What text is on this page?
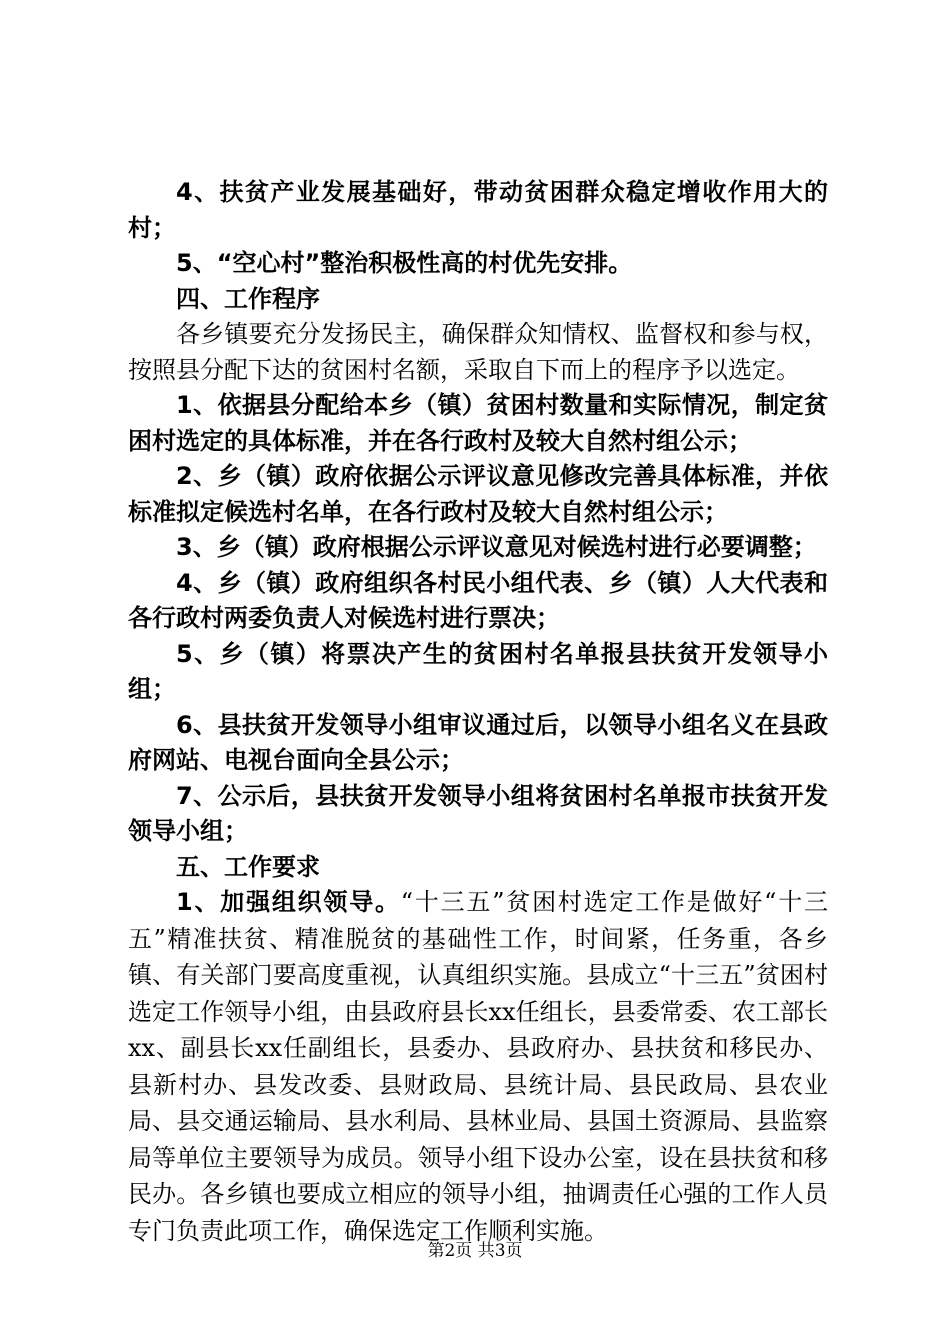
4、扶贫产业发展基础好，带动贫困群众稳定增收作用大的村；

5、“空心村”整治积极性高的村优先安排。

四、工作程序

各乡镇要充分发扬民主，确保群众知情权、监督权和参与权，按照县分配下达的贫困村名额，采取自下而上的程序予以选定。

1、依据县分配给本乡（镇）贫困村数量和实际情况，制定贫困村选定的具体标准，并在各行政村及较大自然村组公示；

2、乡（镇）政府依据公示评议意见修改完善具体标准，并依标准拟定候选村名单，在各行政村及较大自然村组公示；

3、乡（镇）政府根据公示评议意见对候选村进行必要调整；

4、乡（镇）政府组织各村民小组代表、乡（镇）人大代表和各行政村两委负责人对候选村进行票决；

5、乡（镇）将票决产生的贫困村名单报县扶贫开发领导小组；

6、县扶贫开发领导小组审议通过后，以领导小组名义在县政府网站、电视台面向全县公示；

7、公示后，县扶贫开发领导小组将贫困村名单报市扶贫开发领导小组；

五、工作要求

1、加强组织领导。“十三五”贫困村选定工作是做好“十三五”精准扶贫、精准脱贫的基础性工作，时间紧，任务重，各乡镇、有关部门要高度重视，认真组织实施。县成立“十三五”贫困村选定工作领导小组，由县政府县长xx任组长，县委常委、农工部长xx、副县长xx任副组长，县委办、县政府办、县扶贫和移民办、县新村办、县发改委、县财政局、县统计局、县民政局、县农业局、县交通运输局、县水利局、县林业局、县国土资源局、县监察局等单位主要领导为成员。领导小组下设办公室，设在县扶贫和移民办。各乡镇也要成立相应的领导小组，抽调责任心强的工作人员专门负责此项工作，确保选定工作顺利实施。

第2页 共3页
